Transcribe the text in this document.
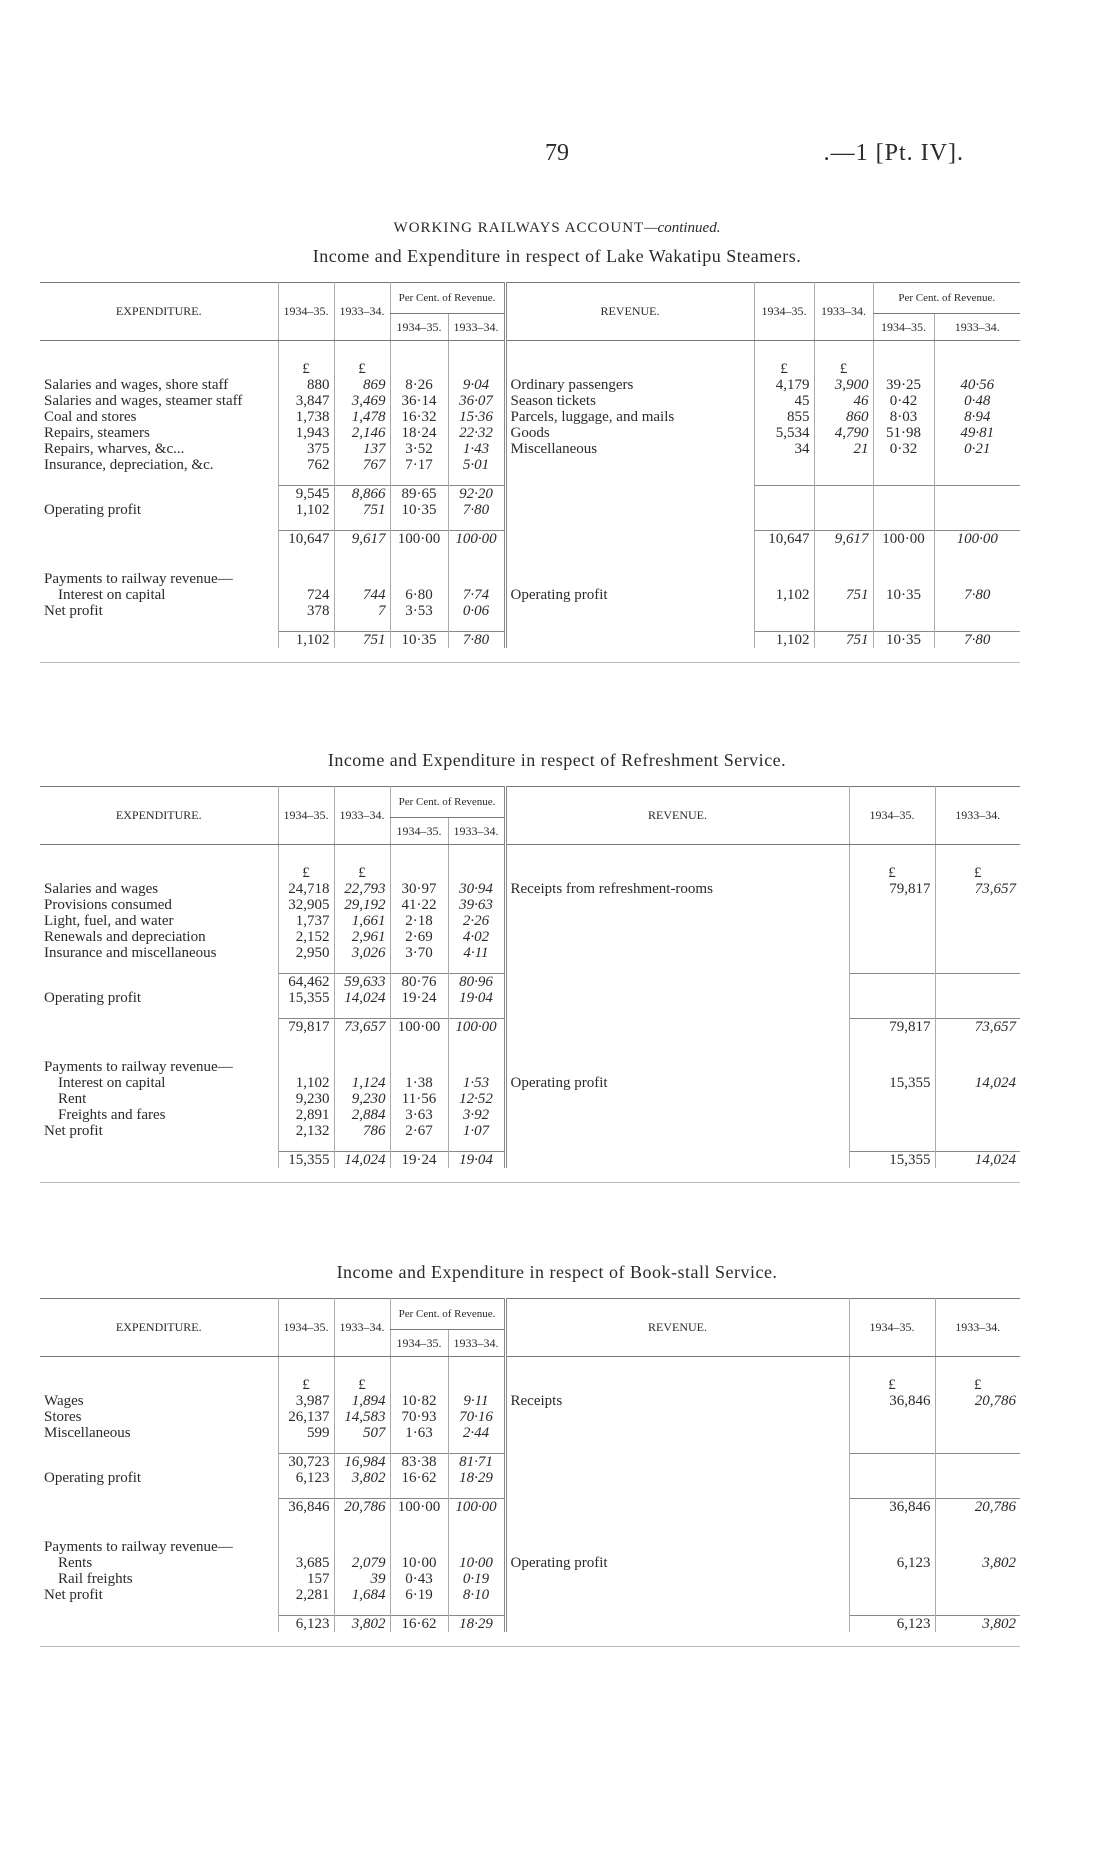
79	.—1 [Pt. IV].
WORKING RAILWAYS ACCOUNT—continued.
Income and Expenditure in respect of Lake Wakatipu Steamers.
EXPENDITURE.	1934–35.	1933–34.	Per Cent. of Revenue.		REVENUE.	1934–35.	1933–34.	Per Cent. of Revenue.	
			1934–35.	1933–34.				1934–35.	1933–34.

	£	£				£	£		
Salaries and wages, shore staff	880	869	8·26	9·04	Ordinary passengers	4,179	3,900	39·25	40·56
Salaries and wages, steamer staff	3,847	3,469	36·14	36·07	Season tickets	45	46	0·42	0·48
Coal and stores	1,738	1,478	16·32	15·36	Parcels, luggage, and mails	855	860	8·03	8·94
Repairs, steamers	1,943	2,146	18·24	22·32	Goods	5,534	4,790	51·98	49·81
Repairs, wharves, &c...	375	137	3·52	1·43	Miscellaneous	34	21	0·32	0·21
Insurance, depreciation, &c.	762	767	7·17	5·01					

	9,545	8,866	89·65	92·20					
Operating profit	1,102	751	10·35	7·80					

	10,647	9,617	100·00	100·00		10,647	9,617	100·00	100·00

Payments to railway revenue—									
Interest on capital	724	744	6·80	7·74	Operating profit	1,102	751	10·35	7·80
Net profit	378	7	3·53	0·06					

	1,102	751	10·35	7·80		1,102	751	10·35	7·80
Income and Expenditure in respect of Refreshment Service.
EXPENDITURE.	1934–35.	1933–34.	Per Cent. of Revenue.		REVENUE.	1934–35.	1933–34.
			1934–35.	1933–34.			

	£	£				£	£
Salaries and wages	24,718	22,793	30·97	30·94	Receipts from refreshment-rooms	79,817	73,657
Provisions consumed	32,905	29,192	41·22	39·63			
Light, fuel, and water	1,737	1,661	2·18	2·26			
Renewals and depreciation	2,152	2,961	2·69	4·02			
Insurance and miscellaneous	2,950	3,026	3·70	4·11			

	64,462	59,633	80·76	80·96			
Operating profit	15,355	14,024	19·24	19·04			

	79,817	73,657	100·00	100·00		79,817	73,657

Payments to railway revenue—							
Interest on capital	1,102	1,124	1·38	1·53	Operating profit	15,355	14,024
Rent	9,230	9,230	11·56	12·52			
Freights and fares	2,891	2,884	3·63	3·92			
Net profit	2,132	786	2·67	1·07			

	15,355	14,024	19·24	19·04		15,355	14,024
Income and Expenditure in respect of Book-stall Service.
EXPENDITURE.	1934–35.	1933–34.	Per Cent. of Revenue.		REVENUE.	1934–35.	1933–34.
			1934–35.	1933–34.			

	£	£				£	£
Wages	3,987	1,894	10·82	9·11	Receipts	36,846	20,786
Stores	26,137	14,583	70·93	70·16			
Miscellaneous	599	507	1·63	2·44			

	30,723	16,984	83·38	81·71			
Operating profit	6,123	3,802	16·62	18·29			

	36,846	20,786	100·00	100·00		36,846	20,786

Payments to railway revenue—							
Rents	3,685	2,079	10·00	10·00	Operating profit	6,123	3,802
Rail freights	157	39	0·43	0·19			
Net profit	2,281	1,684	6·19	8·10			

	6,123	3,802	16·62	18·29		6,123	3,802
